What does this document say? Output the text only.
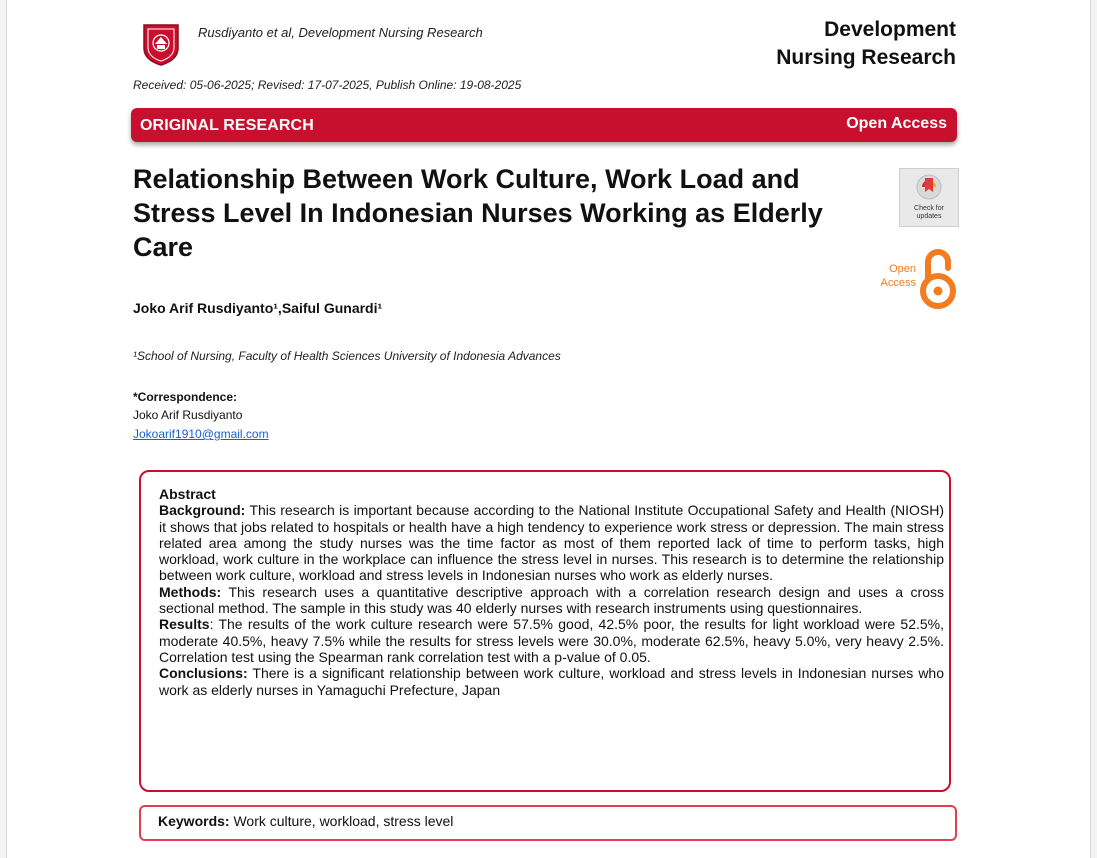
Rusdiyanto et al, Development Nursing Research	Development
Nursing Research
Received: 05-06-2025; Revised: 17-07-2025, Publish Online: 19-08-2025
ORIGINAL RESEARCH	Open Access
Relationship Between Work Culture, Work Load and Stress Level In Indonesian Nurses Working as Elderly Care
Check for
updates
Open
Access
Joko Arif Rusdiyanto¹,Saiful Gunardi¹
¹School of Nursing, Faculty of Health Sciences University of Indonesia Advances
*Correspondence:
Joko Arif Rusdiyanto
Jokoarif1910@gmail.com

Abstract

Background: This research is important because according to the National Institute Occupational Safety and Health (NIOSH) it shows that jobs related to hospitals or health have a high tendency to experience work stress or depression. The main stress related area among the study nurses was the time factor as most of them reported lack of time to perform tasks, high workload, work culture in the workplace can influence the stress level in nurses. This research is to determine the relationship between work culture, workload and stress levels in Indonesian nurses who work as elderly nurses.

Methods: This research uses a quantitative descriptive approach with a correlation research design and uses a cross sectional method. The sample in this study was 40 elderly nurses with research instruments using questionnaires.

Results: The results of the work culture research were 57.5% good, 42.5% poor, the results for light workload were 52.5%, moderate 40.5%, heavy 7.5% while the results for stress levels were 30.0%, moderate 62.5%, heavy 5.0%, very heavy 2.5%. Correlation test using the Spearman rank correlation test with a p-value of 0.05.

Conclusions: There is a significant relationship between work culture, workload and stress levels in Indonesian nurses who work as elderly nurses in Yamaguchi Prefecture, Japan

Keywords: Work culture, workload, stress level
